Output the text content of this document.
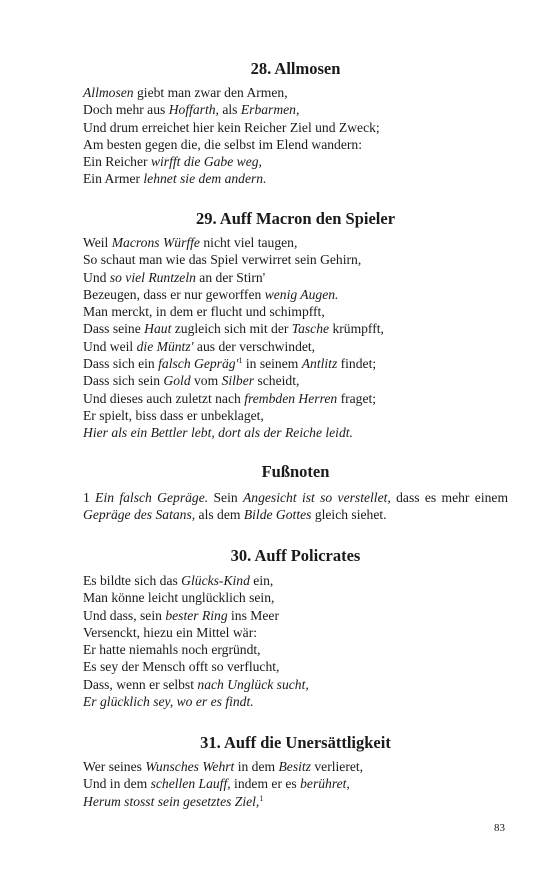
28. Allmosen
Allmosen giebt man zwar den Armen,
Doch mehr aus Hoffarth, als Erbarmen,
Und drum erreichet hier kein Reicher Ziel und Zweck;
Am besten gegen die, die selbst im Elend wandern:
Ein Reicher wirfft die Gabe weg,
Ein Armer lehnet sie dem andern.
29. Auff Macron den Spieler
Weil Macrons Würffe nicht viel taugen,
So schaut man wie das Spiel verwirret sein Gehirn,
Und so viel Runtzeln an der Stirn'
Bezeugen, dass er nur geworffen wenig Augen.
Man merckt, in dem er flucht und schimpfft,
Dass seine Haut zugleich sich mit der Tasche krümpfft,
Und weil die Müntz' aus der verschwindet,
Dass sich ein falsch $Gepräg'^1$ in seinem Antlitz findet;
Dass sich sein Gold vom Silber scheidt,
Und dieses auch zuletzt nach frembden Herren fraget;
Er spielt, biss dass er unbeklaget,
Hier als ein Bettler lebt, dort als der Reiche leidt.
Fußnoten
1 Ein falsch Gepräge. Sein Angesicht ist so verstellet, dass es mehr einem Gepräge des Satans, als dem Bilde Gottes gleich siehet.
30. Auff Policrates
Es bildte sich das Glücks-Kind ein,
Man könne leicht unglücklich sein,
Und dass, sein bester Ring ins Meer
Versenckt, hiezu ein Mittel wär:
Er hatte niemahls noch ergründt,
Es sey der Mensch offt so verflucht,
Dass, wenn er selbst nach Unglück sucht,
Er glücklich sey, wo er es findt.
31. Auff die Unersättligkeit
Wer seines Wunsches Wehrt in dem Besitz verlieret,
Und in dem schellen Lauff, indem er es berühret,
Herum stosst sein gesetztes Ziel,$^1$
83
